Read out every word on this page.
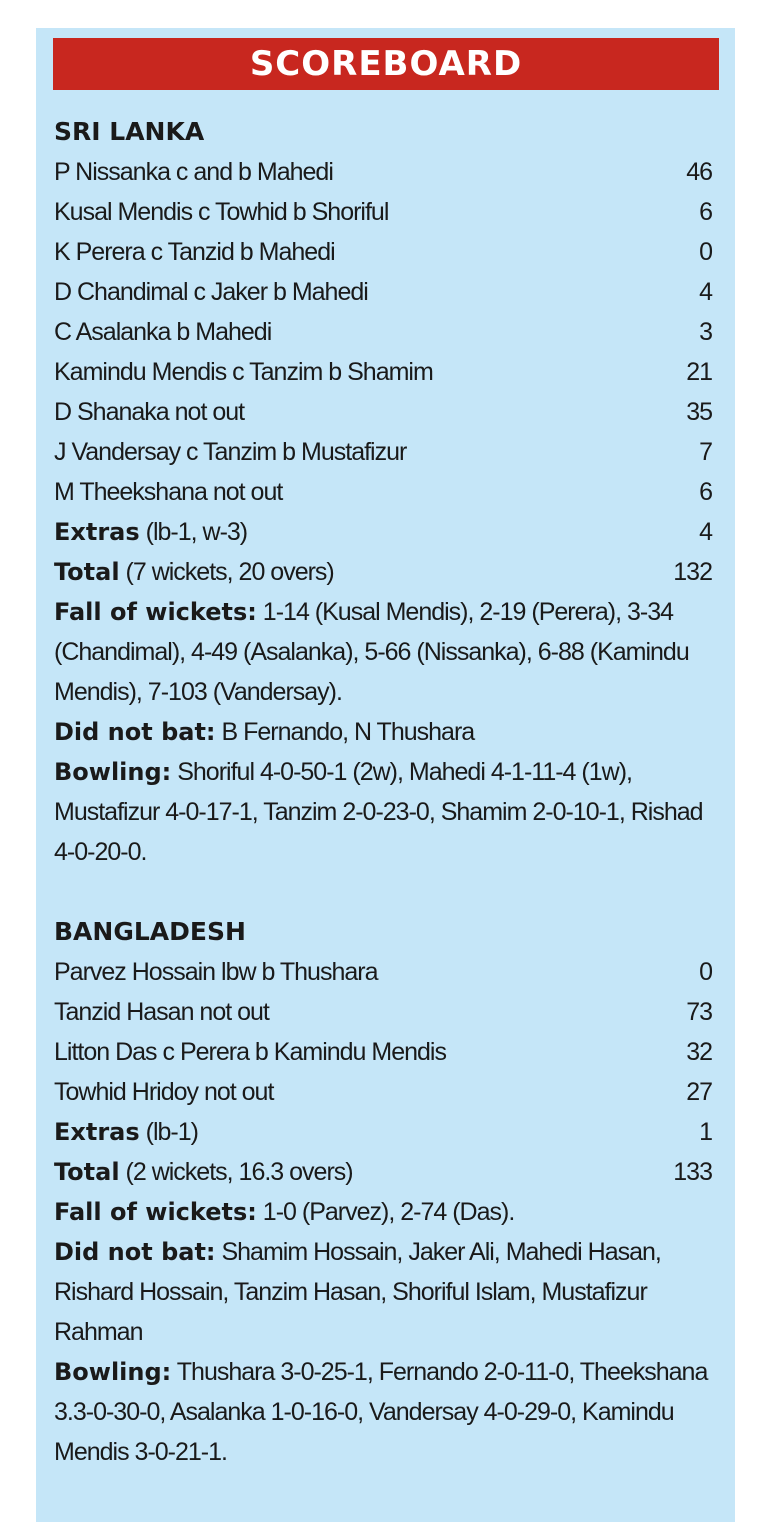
SCOREBOARD
SRI LANKA
P Nissanka c and b Mahedi	46
Kusal Mendis c Towhid b Shoriful	6
K Perera c Tanzid b Mahedi	0
D Chandimal c Jaker b Mahedi	4
C Asalanka b Mahedi	3
Kamindu Mendis c Tanzim b Shamim	21
D Shanaka not out	35
J Vandersay c Tanzim b Mustafizur	7
M Theekshana not out	6
Extras (lb-1, w-3)	4
Total (7 wickets, 20 overs)	132
Fall of wickets: 1-14 (Kusal Mendis), 2-19 (Perera), 3-34 (Chandimal), 4-49 (Asalanka), 5-66 (Nissanka), 6-88 (Kamindu Mendis), 7-103 (Vandersay).
Did not bat: B Fernando, N Thushara
Bowling: Shoriful 4-0-50-1 (2w), Mahedi 4-1-11-4 (1w), Mustafizur 4-0-17-1, Tanzim 2-0-23-0, Shamim 2-0-10-1, Rishad 4-0-20-0.
BANGLADESH
Parvez Hossain lbw b Thushara	0
Tanzid Hasan not out	73
Litton Das c Perera b Kamindu Mendis	32
Towhid Hridoy not out	27
Extras (lb-1)	1
Total (2 wickets, 16.3 overs)	133
Fall of wickets: 1-0 (Parvez), 2-74 (Das).
Did not bat: Shamim Hossain, Jaker Ali, Mahedi Hasan, Rishard Hossain, Tanzim Hasan, Shoriful Islam, Mustafizur Rahman
Bowling: Thushara 3-0-25-1, Fernando 2-0-11-0, Theekshana 3.3-0-30-0, Asalanka 1-0-16-0, Vandersay 4-0-29-0, Kamindu Mendis 3-0-21-1.
